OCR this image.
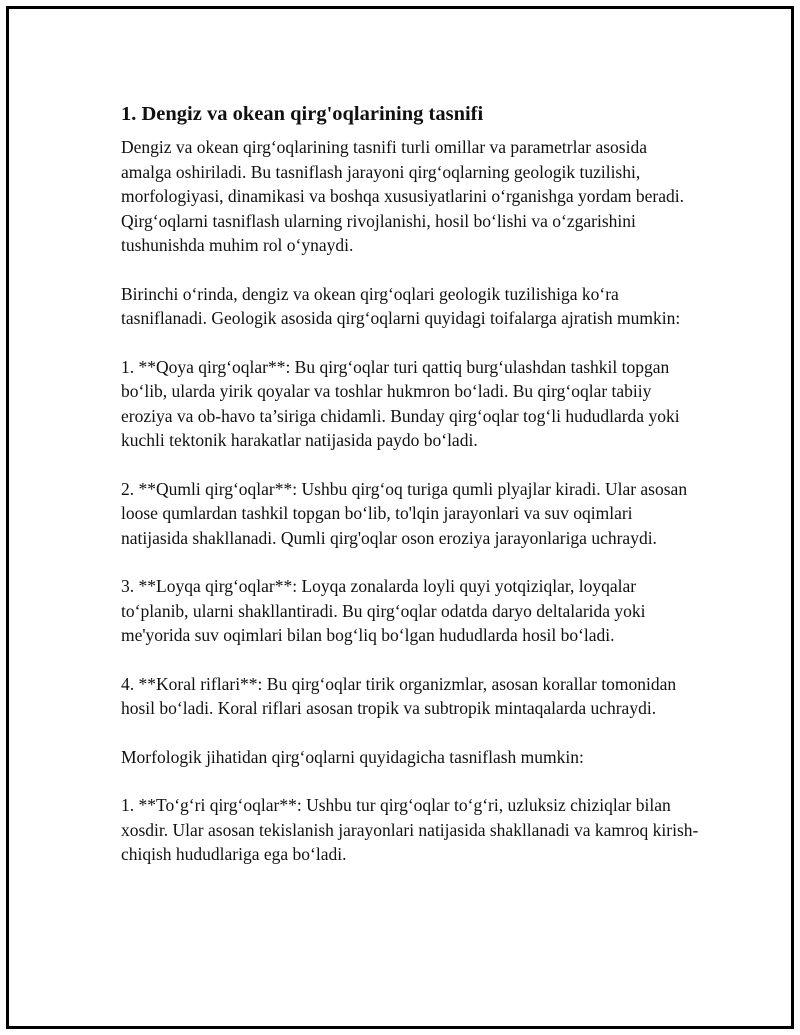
1. Dengiz va okean qirg'oqlarining tasnifi

Dengiz va okean qirg‘oqlarining tasnifi turli omillar va parametrlar asosida amalga oshiriladi. Bu tasniflash jarayoni qirg‘oqlarning geologik tuzilishi, morfologiyasi, dinamikasi va boshqa xususiyatlarini o‘rganishga yordam beradi. Qirg‘oqlarni tasniflash ularning rivojlanishi, hosil bo‘lishi va o‘zgarishini tushunishda muhim rol o‘ynaydi.

Birinchi o‘rinda, dengiz va okean qirg‘oqlari geologik tuzilishiga ko‘ra tasniflanadi. Geologik asosida qirg‘oqlarni quyidagi toifalarga ajratish mumkin:

1. **Qoya qirg‘oqlar**: Bu qirg‘oqlar turi qattiq burg‘ulashdan tashkil topgan bo‘lib, ularda yirik qoyalar va toshlar hukmron bo‘ladi. Bu qirg‘oqlar tabiiy eroziya va ob-havo ta’siriga chidamli. Bunday qirg‘oqlar tog‘li hududlarda yoki kuchli tektonik harakatlar natijasida paydo bo‘ladi.

2. **Qumli qirg‘oqlar**: Ushbu qirg‘oq turiga qumli plyajlar kiradi. Ular asosan loose qumlardan tashkil topgan bo‘lib, to'lqin jarayonlari va suv oqimlari natijasida shakllanadi. Qumli qirg'oqlar oson eroziya jarayonlariga uchraydi.

3. **Loyqa qirg‘oqlar**: Loyqa zonalarda loyli quyi yotqiziqlar, loyqalar to‘planib, ularni shakllantiradi. Bu qirg‘oqlar odatda daryo deltalarida yoki me'yorida suv oqimlari bilan bog‘liq bo‘lgan hududlarda hosil bo‘ladi.

4. **Koral riflari**: Bu qirg‘oqlar tirik organizmlar, asosan korallar tomonidan hosil bo‘ladi. Koral riflari asosan tropik va subtropik mintaqalarda uchraydi.

Morfologik jihatidan qirg‘oqlarni quyidagicha tasniflash mumkin:

1. **To‘g‘ri qirg‘oqlar**: Ushbu tur qirg‘oqlar to‘g‘ri, uzluksiz chiziqlar bilan xosdir. Ular asosan tekislanish jarayonlari natijasida shakllanadi va kamroq kirish-chiqish hududlariga ega bo‘ladi.
